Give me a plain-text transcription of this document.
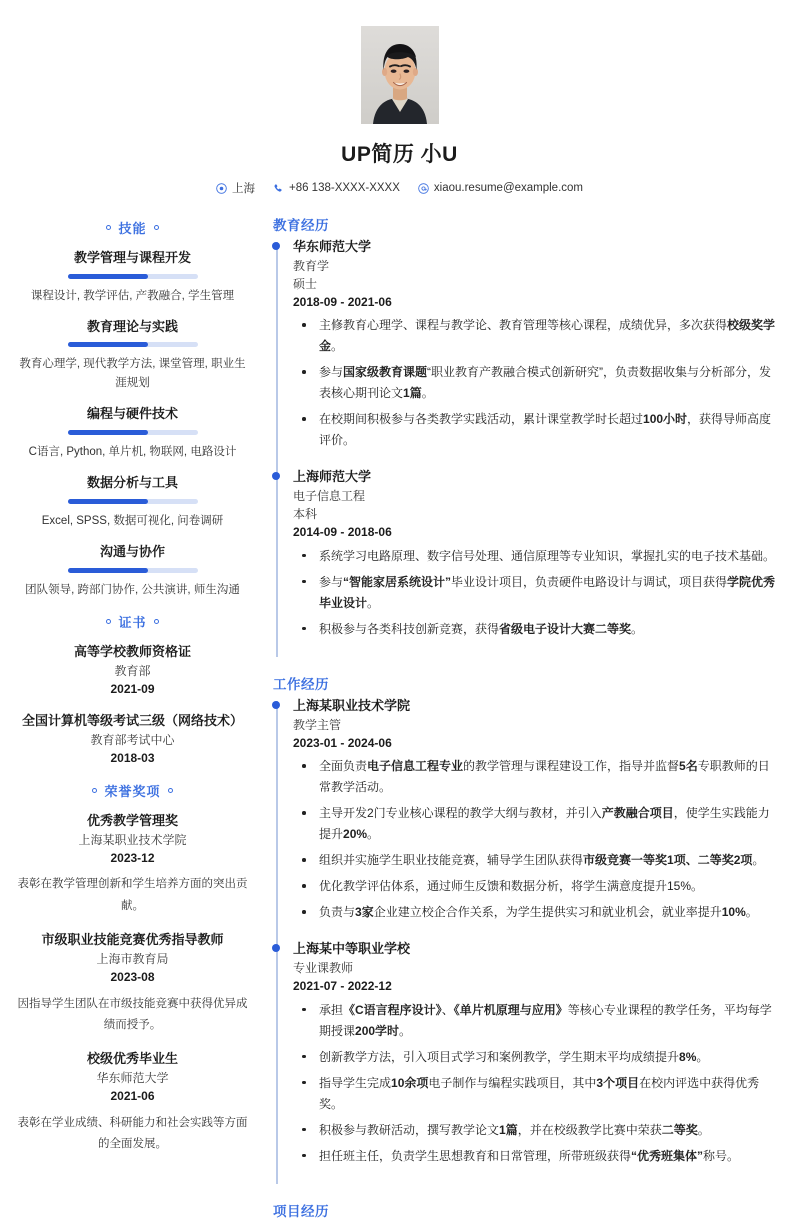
UP简历 小U
上海	+86 138-XXXX-XXXX	xiaou.resume@example.com
技能
教学管理与课程开发
课程设计, 教学评估, 产教融合, 学生管理
教育理论与实践
教育心理学, 现代教学方法, 课堂管理, 职业生涯规划
编程与硬件技术
C语言, Python, 单片机, 物联网, 电路设计
数据分析与工具
Excel, SPSS, 数据可视化, 问卷调研
沟通与协作
团队领导, 跨部门协作, 公共演讲, 师生沟通
证书
高等学校教师资格证
教育部
2021-09
全国计算机等级考试三级（网络技术）
教育部考试中心
2018-03
荣誉奖项
优秀教学管理奖
上海某职业技术学院
2023-12
表彰在教学管理创新和学生培养方面的突出贡献。
市级职业技能竞赛优秀指导教师
上海市教育局
2023-08
因指导学生团队在市级技能竞赛中获得优异成绩而授予。
校级优秀毕业生
华东师范大学
2021-06
表彰在学业成绩、科研能力和社会实践等方面的全面发展。
教育经历
华东师范大学
教育学
硕士
2018-09 - 2021-06
主修教育心理学、课程与教学论、教育管理等核心课程，成绩优异，多次获得校级奖学金。
参与国家级教育课题“职业教育产教融合模式创新研究”，负责数据收集与分析部分，发表核心期刊论文1篇。
在校期间积极参与各类教学实践活动，累计课堂教学时长超过100小时，获得导师高度评价。
上海师范大学
电子信息工程
本科
2014-09 - 2018-06
系统学习电路原理、数字信号处理、通信原理等专业知识，掌握扎实的电子技术基础。
参与“智能家居系统设计”毕业设计项目，负责硬件电路设计与调试，项目获得学院优秀毕业设计。
积极参与各类科技创新竞赛，获得省级电子设计大赛二等奖。
工作经历
上海某职业技术学院
教学主管
2023-01 - 2024-06
全面负责电子信息工程专业的教学管理与课程建设工作，指导并监督5名专职教师的日常教学活动。
主导开发2门专业核心课程的教学大纲与教材，并引入产教融合项目，使学生实践能力提升20%。
组织并实施学生职业技能竞赛，辅导学生团队获得市级竞赛一等奖1项、二等奖2项。
优化教学评估体系，通过师生反馈和数据分析，将学生满意度提升15%。
负责与3家企业建立校企合作关系，为学生提供实习和就业机会，就业率提升10%。
上海某中等职业学校
专业课教师
2021-07 - 2022-12
承担《C语言程序设计》、《单片机原理与应用》等核心专业课程的教学任务，平均每学期授课200学时。
创新教学方法，引入项目式学习和案例教学，学生期末平均成绩提升8%。
指导学生完成10余项电子制作与编程实践项目，其中3个项目在校内评选中获得优秀奖。
积极参与教研活动，撰写教学论文1篇，并在校级教学比赛中荣获二等奖。
担任班主任，负责学生思想教育和日常管理，所带班级获得“优秀班集体”称号。
项目经历
